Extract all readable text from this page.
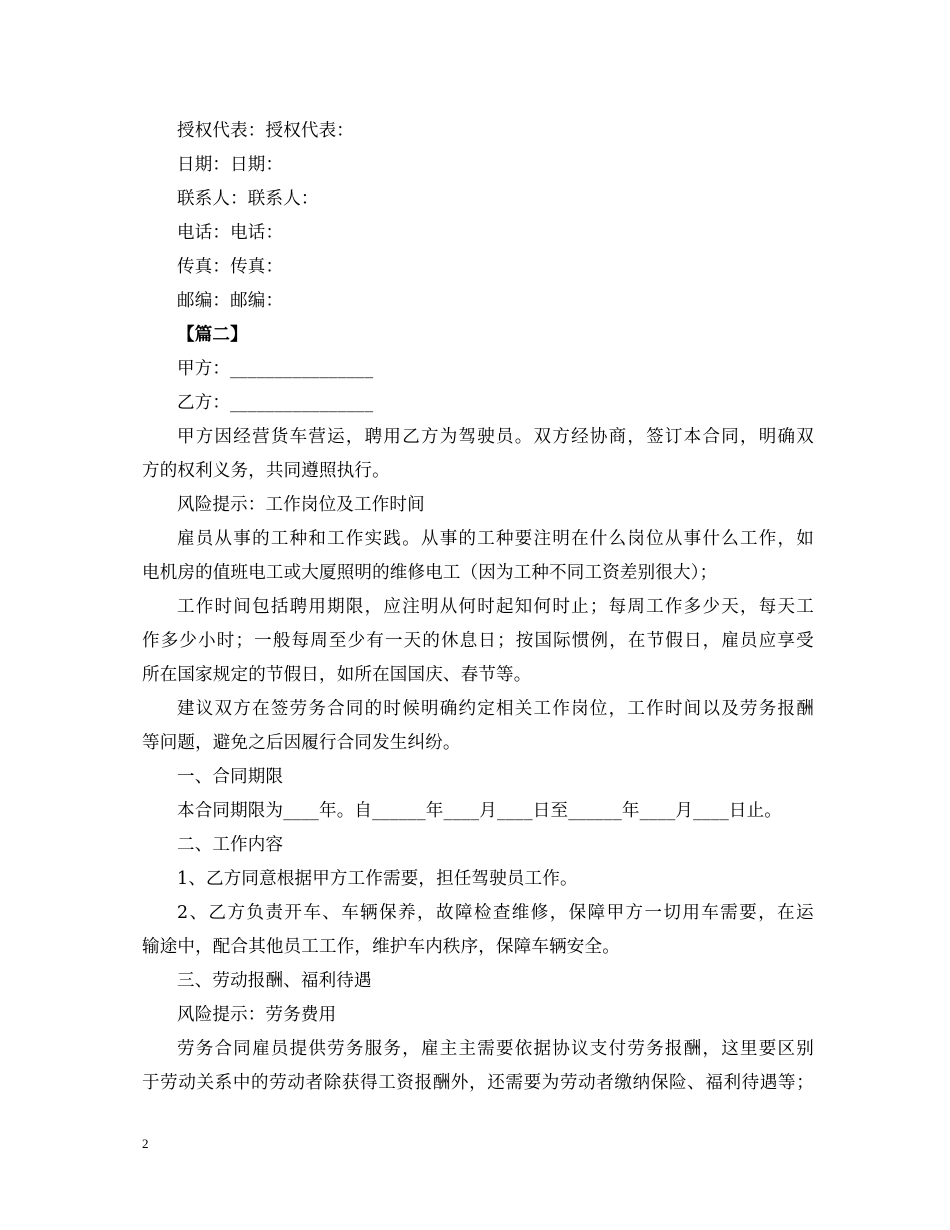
授权代表：授权代表：
日期：日期：
联系人：联系人：
电话：电话：
传真：传真：
邮编：邮编：
【篇二】
甲方：________________
乙方：________________
甲 方 因 经 营 货 车 营 运 ， 聘 用 乙 方 为 驾 驶 员 。 双 方 经 协 商 ， 签 订 本 合 同 ， 明 确 双
方的权利义务，共同遵照执行。
风险提示：工作岗位及工作时间
雇 员 从 事 的 工 种 和 工 作 实 践 。 从 事 的 工 种 要 注 明 在 什 么 岗 位 从 事 什 么 工 作 ， 如
电机房的值班电工或大厦照明的维修电工（因为工种不同工资差别很大）；
工 作 时 间 包 括 聘 用 期 限 ， 应 注 明 从 何 时 起 知 何 时 止 ； 每 周 工 作 多 少 天 ， 每 天 工
作 多 少 小 时 ； 一 般 每 周 至 少 有 一 天 的 休 息 日 ； 按 国 际 惯 例 ， 在 节 假 日 ， 雇 员 应 享 受
所在国家规定的节假日，如所在国国庆、春节等。
建 议 双 方 在 签 劳 务 合 同 的 时 候 明 确 约 定 相 关 工 作 岗 位 ， 工 作 时 间 以 及 劳 务 报 酬
等问题，避免之后因履行合同发生纠纷。
一、合同期限
本合同期限为____年。自______年____月____日至______年____月____日止。
二、工作内容
1、乙方同意根据甲方工作需要，担任驾驶员工作。
2 、 乙 方 负 责 开 车 、 车 辆 保 养 ， 故 障 检 查 维 修 ， 保 障 甲 方 一 切 用 车 需 要 ， 在 运
输途中，配合其他员工工作，维护车内秩序，保障车辆安全。
三、劳动报酬、福利待遇
风险提示：劳务费用
劳 务 合 同 雇 员 提 供 劳 务 服 务 ， 雇 主 主 需 要 依 据 协 议 支 付 劳 务 报 酬 ， 这 里 要 区 别
于 劳 动 关 系 中 的 劳 动 者 除 获 得 工 资 报 酬 外 ， 还 需 要 为 劳 动 者 缴 纳 保 险 、 福 利 待 遇 等 ；
2
